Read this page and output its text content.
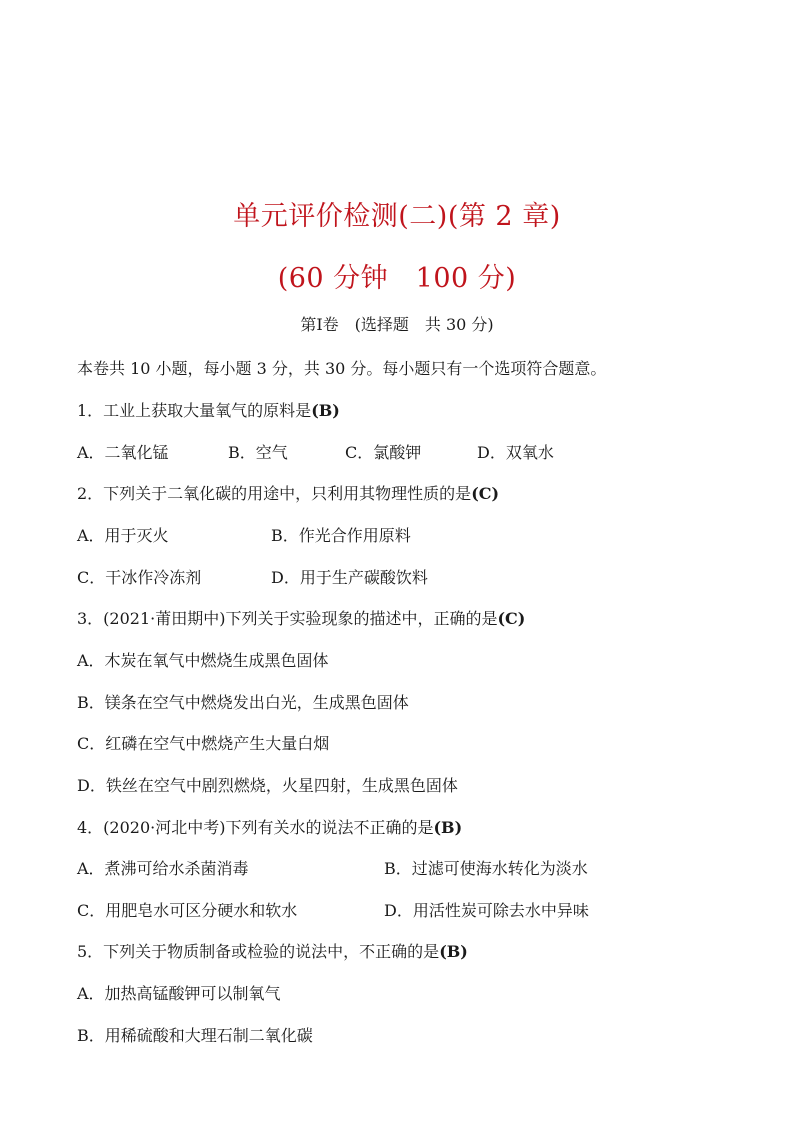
单元评价检测(二)(第 2 章)
(60 分钟　100 分)
第Ⅰ卷　(选择题　共 30 分)
本卷共 10 小题，每小题 3 分，共 30 分。每小题只有一个选项符合题意。
1．工业上获取大量氧气的原料是(B)
A．二氧化锰	B．空气	C．氯酸钾	D．双氧水
2．下列关于二氧化碳的用途中，只利用其物理性质的是(C)
A．用于灭火	B．作光合作用原料
C．干冰作冷冻剂	D．用于生产碳酸饮料
3．(2021·莆田期中)下列关于实验现象的描述中，正确的是(C)
A．木炭在氧气中燃烧生成黑色固体
B．镁条在空气中燃烧发出白光，生成黑色固体
C．红磷在空气中燃烧产生大量白烟
D．铁丝在空气中剧烈燃烧，火星四射，生成黑色固体
4．(2020·河北中考)下列有关水的说法不正确的是(B)
A．煮沸可给水杀菌消毒	B．过滤可使海水转化为淡水
C．用肥皂水可区分硬水和软水	D．用活性炭可除去水中异味
5．下列关于物质制备或检验的说法中，不正确的是(B)
A．加热高锰酸钾可以制氧气
B．用稀硫酸和大理石制二氧化碳
